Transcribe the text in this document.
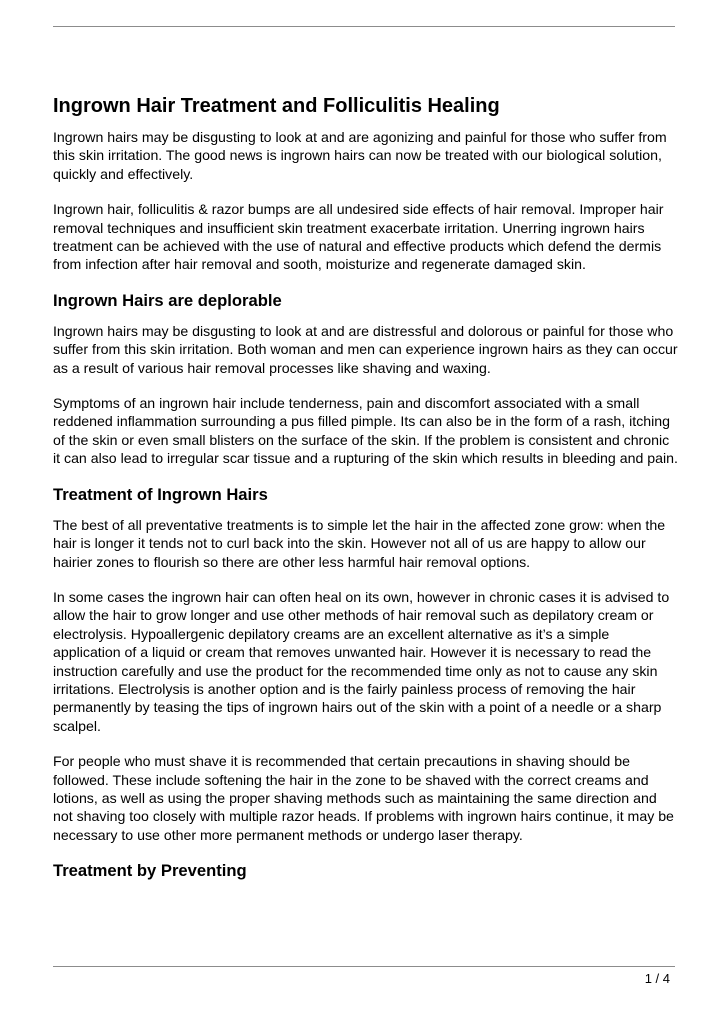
Ingrown Hair Treatment and Folliculitis Healing

Ingrown hairs may be disgusting to look at and are agonizing and painful for those who suffer from this skin irritation. The good news is ingrown hairs can now be treated with our biological solution, quickly and effectively.

Ingrown hair, folliculitis & razor bumps are all undesired side effects of hair removal. Improper hair removal techniques and insufficient skin treatment exacerbate irritation. Unerring ingrown hairs treatment can be achieved with the use of natural and effective products which defend the dermis from infection after hair removal and sooth, moisturize and regenerate damaged skin.

Ingrown Hairs are deplorable

Ingrown hairs may be disgusting to look at and are distressful and dolorous or painful for those who suffer from this skin irritation. Both woman and men can experience ingrown hairs as they can occur as a result of various hair removal processes like shaving and waxing.

Symptoms of an ingrown hair include tenderness, pain and discomfort associated with a small reddened inflammation surrounding a pus filled pimple. Its can also be in the form of a rash, itching of the skin or even small blisters on the surface of the skin. If the problem is consistent and chronic it can also lead to irregular scar tissue and a rupturing of the skin which results in bleeding and pain.

Treatment of Ingrown Hairs

The best of all preventative treatments is to simple let the hair in the affected zone grow: when the hair is longer it tends not to curl back into the skin. However not all of us are happy to allow our hairier zones to flourish so there are other less harmful hair removal options.

In some cases the ingrown hair can often heal on its own, however in chronic cases it is advised to allow the hair to grow longer and use other methods of hair removal such as depilatory cream or electrolysis. Hypoallergenic depilatory creams are an excellent alternative as it’s a simple application of a liquid or cream that removes unwanted hair. However it is necessary to read the instruction carefully and use the product for the recommended time only as not to cause any skin irritations. Electrolysis is another option and is the fairly painless process of removing the hair permanently by teasing the tips of ingrown hairs out of the skin with a point of a needle or a sharp scalpel.

For people who must shave it is recommended that certain precautions in shaving should be followed. These include softening the hair in the zone to be shaved with the correct creams and lotions, as well as using the proper shaving methods such as maintaining the same direction and not shaving too closely with multiple razor heads. If problems with ingrown hairs continue, it may be necessary to use other more permanent methods or undergo laser therapy.

Treatment by Preventing
1 / 4
